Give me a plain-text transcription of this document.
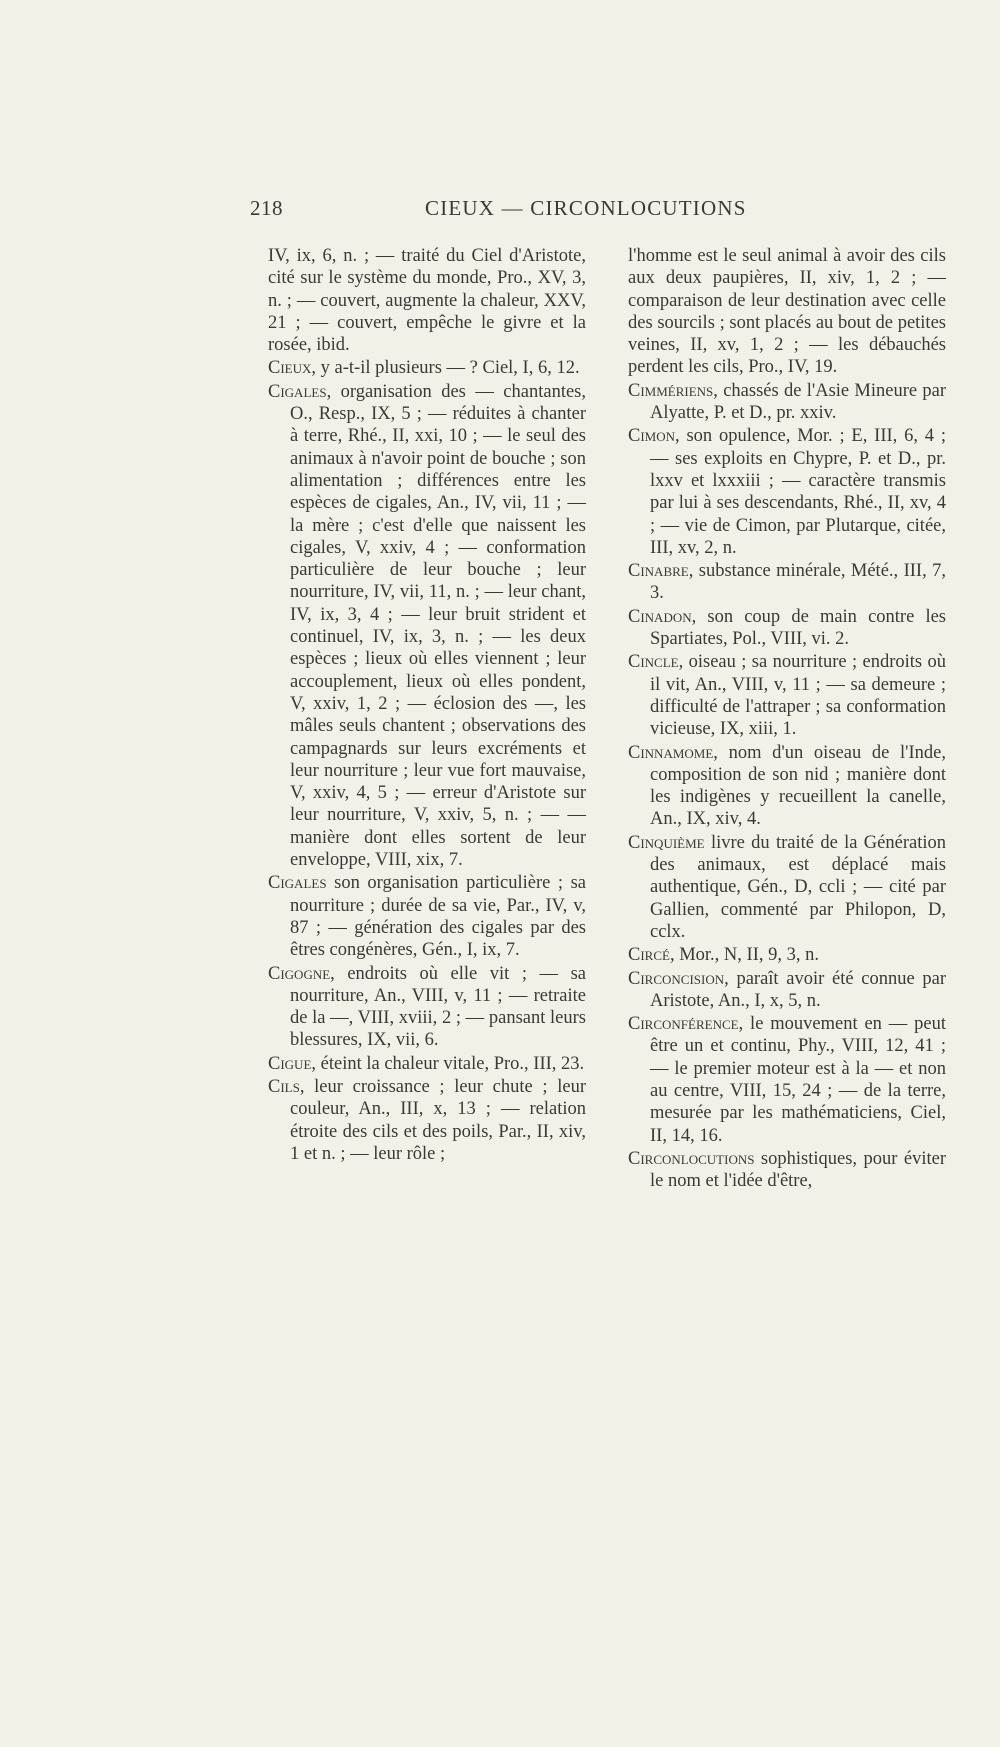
218	CIEUX — CIRCONLOCUTIONS

IV, ix, 6, n. ; — traité du Ciel d'Aristote, cité sur le système du monde, Pro., XV, 3, n. ; — couvert, augmente la chaleur, XXV, 21 ; — couvert, empêche le givre et la rosée, ibid.

Cieux, y a-t-il plusieurs — ? Ciel, I, 6, 12.

Cigales, organisation des — chantantes, O., Resp., IX, 5 ; — réduites à chanter à terre, Rhé., II, xxi, 10 ; — le seul des animaux à n'avoir point de bouche ; son alimentation ; différences entre les espèces de cigales, An., IV, vii, 11 ; — la mère ; c'est d'elle que naissent les cigales, V, xxiv, 4 ; — conformation particulière de leur bouche ; leur nourriture, IV, vii, 11, n. ; — leur chant, IV, ix, 3, 4 ; — leur bruit strident et continuel, IV, ix, 3, n. ; — les deux espèces ; lieux où elles viennent ; leur accouplement, lieux où elles pondent, V, xxiv, 1, 2 ; — éclosion des —, les mâles seuls chantent ; observations des campagnards sur leurs excréments et leur nourriture ; leur vue fort mauvaise, V, xxiv, 4, 5 ; — erreur d'Aristote sur leur nourriture, V, xxiv, 5, n. ; — — manière dont elles sortent de leur enveloppe, VIII, xix, 7.

Cigales son organisation particulière ; sa nourriture ; durée de sa vie, Par., IV, v, 87 ; — génération des cigales par des êtres congénères, Gén., I, ix, 7.

Cigogne, endroits où elle vit ; — sa nourriture, An., VIII, v, 11 ; — retraite de la —, VIII, xviii, 2 ; — pansant leurs blessures, IX, vii, 6.

Cigue, éteint la chaleur vitale, Pro., III, 23.

Cils, leur croissance ; leur chute ; leur couleur, An., III, x, 13 ; — relation étroite des cils et des poils, Par., II, xiv, 1 et n. ; — leur rôle ;

l'homme est le seul animal à avoir des cils aux deux paupières, II, xiv, 1, 2 ; — comparaison de leur destination avec celle des sourcils ; sont placés au bout de petites veines, II, xv, 1, 2 ; — les débauchés perdent les cils, Pro., IV, 19.

Cimmériens, chassés de l'Asie Mineure par Alyatte, P. et D., pr. xxiv.

Cimon, son opulence, Mor. ; E, III, 6, 4 ; — ses exploits en Chypre, P. et D., pr. lxxv et lxxxiii ; — caractère transmis par lui à ses descendants, Rhé., II, xv, 4 ; — vie de Cimon, par Plutarque, citée, III, xv, 2, n.

Cinabre, substance minérale, Mété., III, 7, 3.

Cinadon, son coup de main contre les Spartiates, Pol., VIII, vi. 2.

Cincle, oiseau ; sa nourriture ; endroits où il vit, An., VIII, v, 11 ; — sa demeure ; difficulté de l'attraper ; sa conformation vicieuse, IX, xiii, 1.

Cinnamome, nom d'un oiseau de l'Inde, composition de son nid ; manière dont les indigènes y recueillent la canelle, An., IX, xiv, 4.

Cinquième livre du traité de la Génération des animaux, est déplacé mais authentique, Gén., D, ccli ; — cité par Gallien, commenté par Philopon, D, cclx.

Circé, Mor., N, II, 9, 3, n.

Circoncision, paraît avoir été connue par Aristote, An., I, x, 5, n.

Circonférence, le mouvement en — peut être un et continu, Phy., VIII, 12, 41 ; — le premier moteur est à la — et non au centre, VIII, 15, 24 ; — de la terre, mesurée par les mathématiciens, Ciel, II, 14, 16.

Circonlocutions sophistiques, pour éviter le nom et l'idée d'être,
